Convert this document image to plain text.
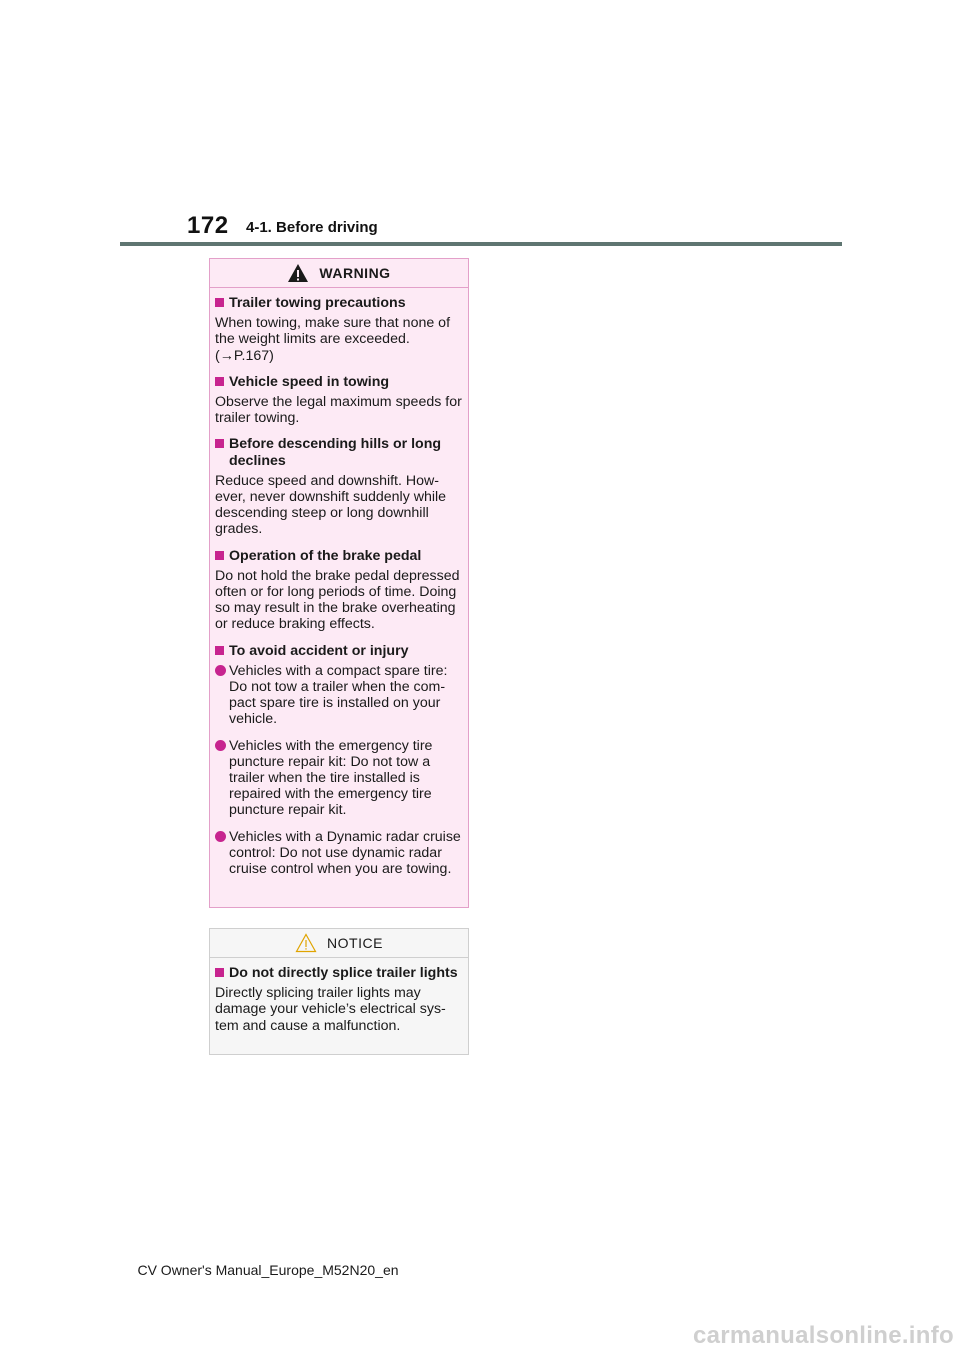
172 4-1. Before driving
WARNING
Trailer towing precautions
When towing, make sure that none of the weight limits are exceeded. (→P.167)
Vehicle speed in towing
Observe the legal maximum speeds for trailer towing.
Before descending hills or long declines
Reduce speed and downshift. How-ever, never downshift suddenly while descending steep or long downhill grades.
Operation of the brake pedal
Do not hold the brake pedal depressed often or for long periods of time. Doing so may result in the brake overheating or reduce braking effects.
To avoid accident or injury
Vehicles with a compact spare tire: Do not tow a trailer when the com-pact spare tire is installed on your vehicle.
Vehicles with the emergency tire puncture repair kit: Do not tow a trailer when the tire installed is repaired with the emergency tire puncture repair kit.
Vehicles with a Dynamic radar cruise control: Do not use dynamic radar cruise control when you are towing.
NOTICE
Do not directly splice trailer lights
Directly splicing trailer lights may damage your vehicle’s electrical sys-tem and cause a malfunction.
CV Owner's Manual_Europe_M52N20_en
carmanualsonline.info
